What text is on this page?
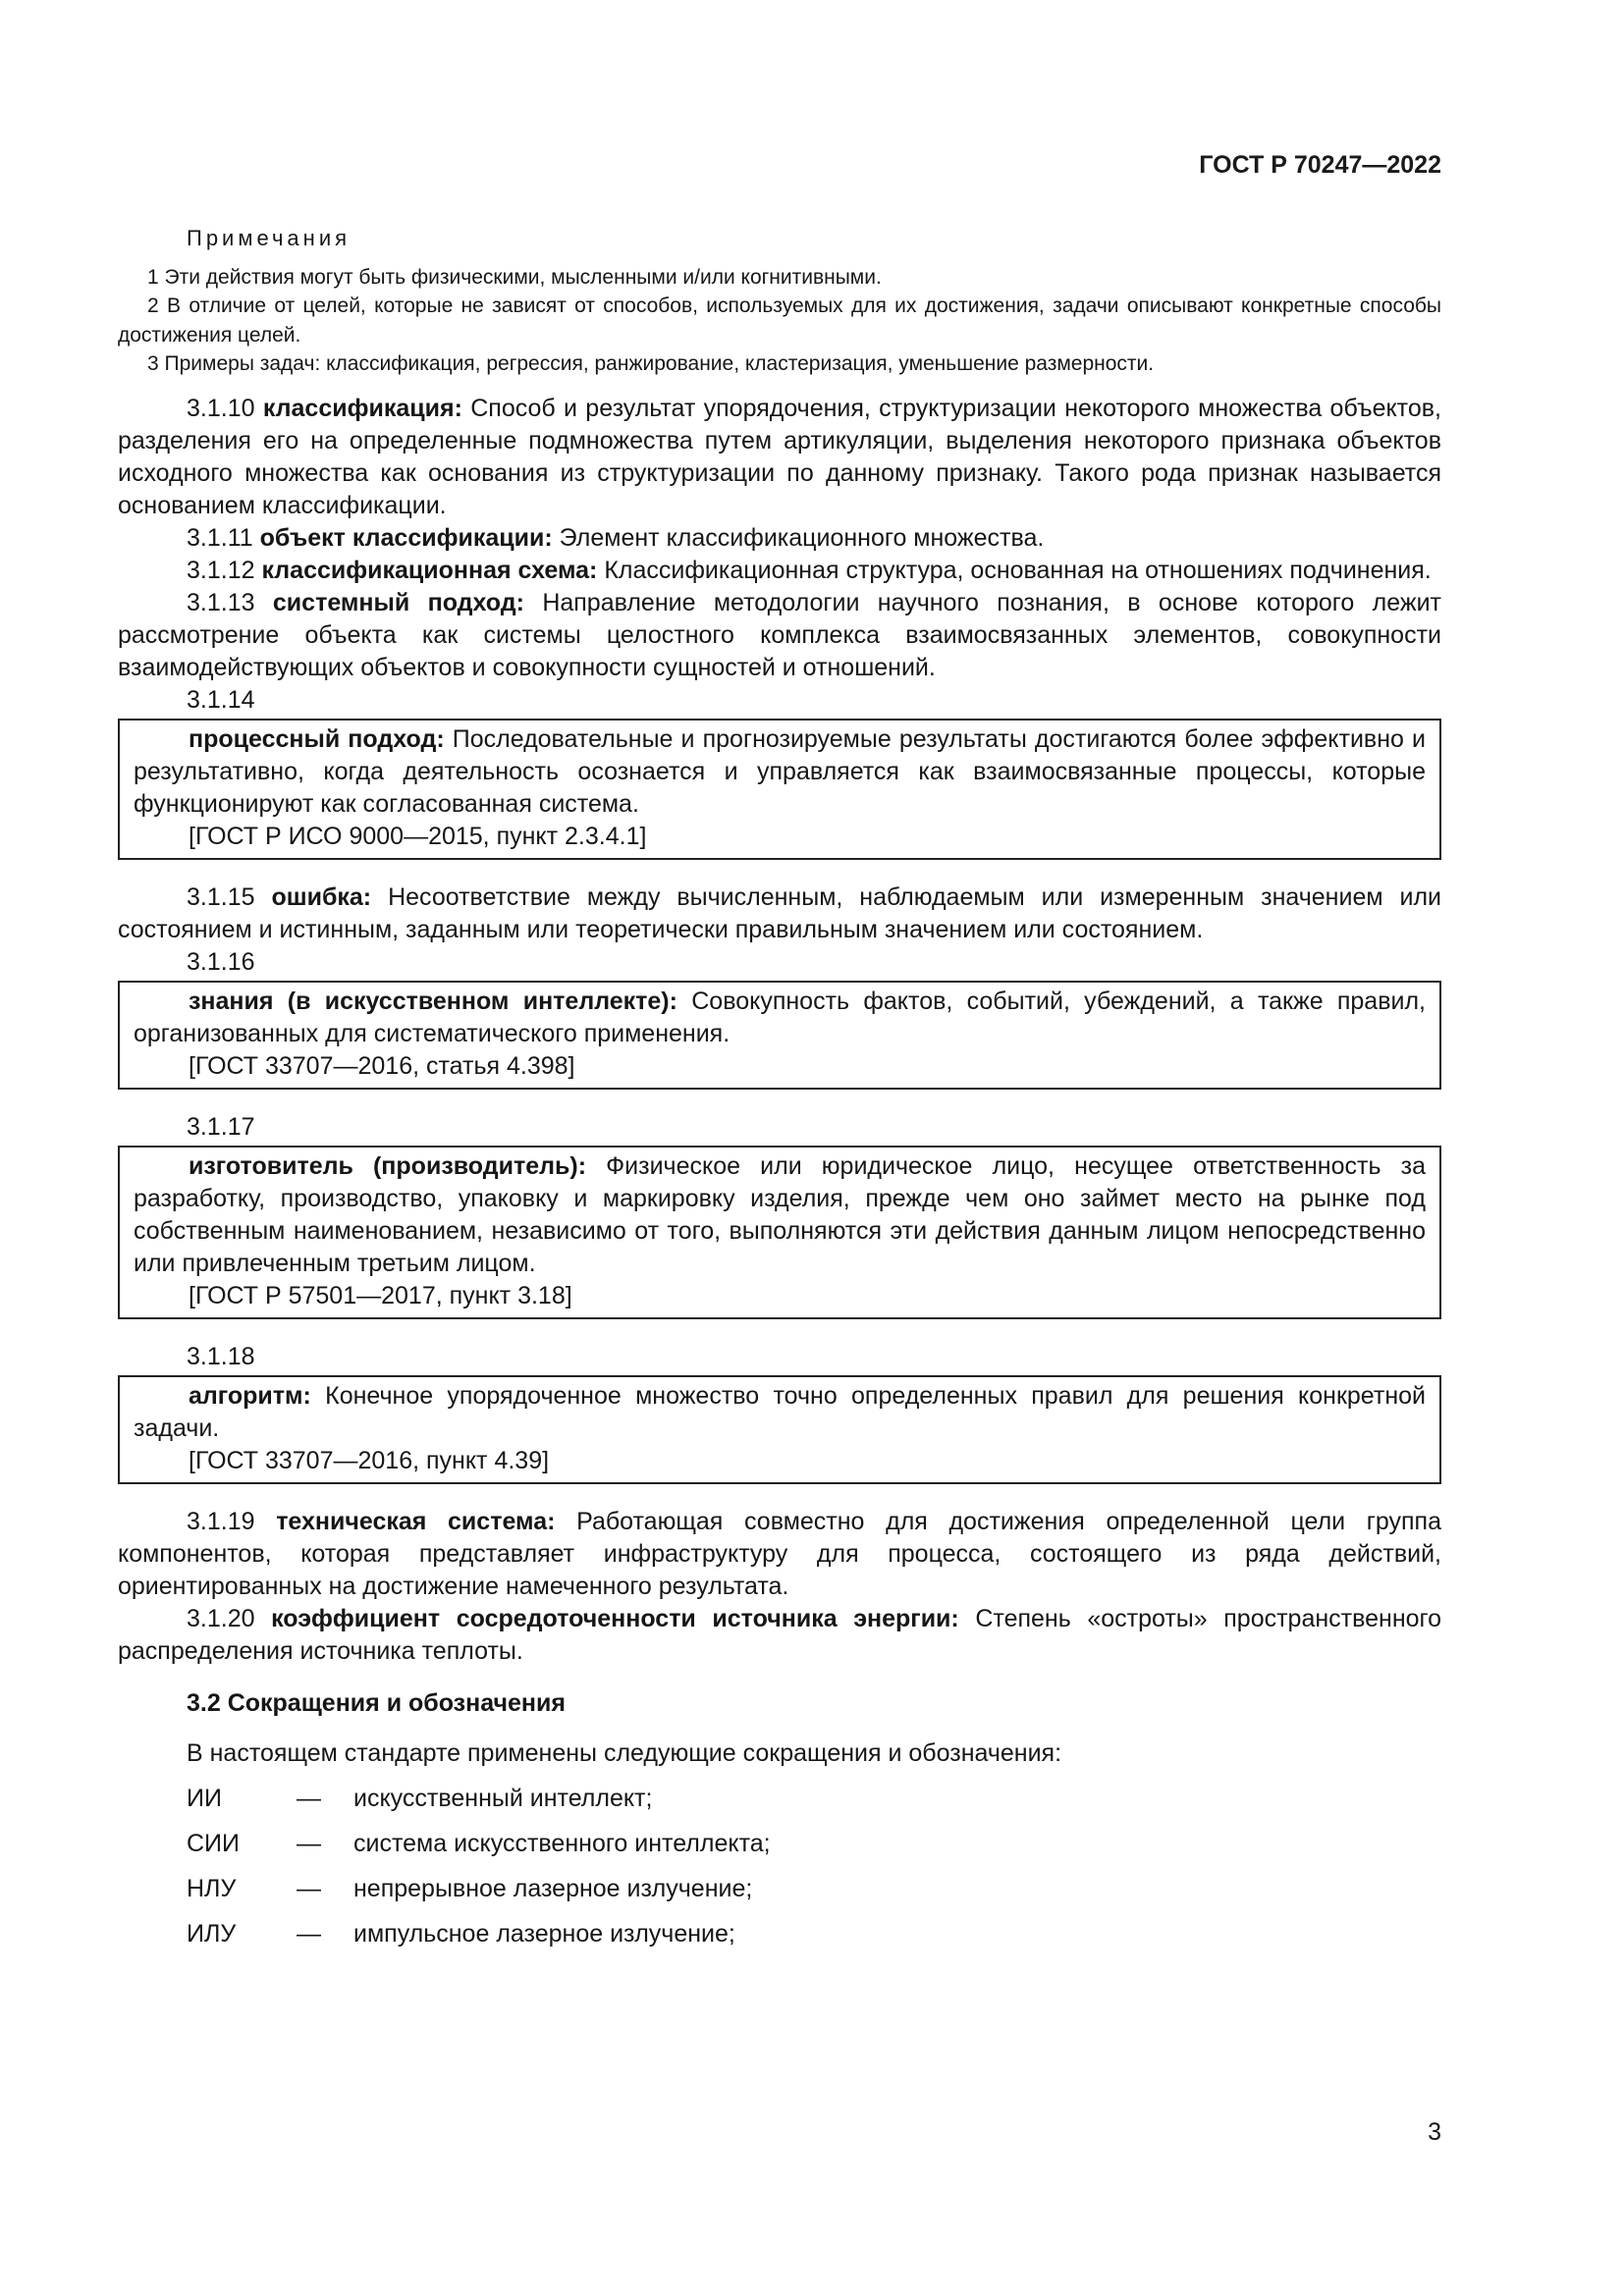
ГОСТ Р 70247—2022
Примечания

1 Эти действия могут быть физическими, мысленными и/или когнитивными.

2 В отличие от целей, которые не зависят от способов, используемых для их достижения, задачи описывают конкретные способы достижения целей.

3 Примеры задач: классификация, регрессия, ранжирование, кластеризация, уменьшение размерности.

3.1.10 классификация: Способ и результат упорядочения, структуризации некоторого множества объектов, разделения его на определенные подмножества путем артикуляции, выделения некоторого признака объектов исходного множества как основания из структуризации по данному признаку. Такого рода признак называется основанием классификации.

3.1.11 объект классификации: Элемент классификационного множества.

3.1.12 классификационная схема: Классификационная структура, основанная на отношениях подчинения.

3.1.13 системный подход: Направление методологии научного познания, в основе которого лежит рассмотрение объекта как системы целостного комплекса взаимосвязанных элементов, совокупности взаимодействующих объектов и совокупности сущностей и отношений.

3.1.14

процессный подход: Последовательные и прогнозируемые результаты достигаются более эффективно и результативно, когда деятельность осознается и управляется как взаимосвязанные процессы, которые функционируют как согласованная система.

[ГОСТ Р ИСО 9000—2015, пункт 2.3.4.1]

3.1.15 ошибка: Несоответствие между вычисленным, наблюдаемым или измеренным значением или состоянием и истинным, заданным или теоретически правильным значением или состоянием.

3.1.16

знания (в искусственном интеллекте): Совокупность фактов, событий, убеждений, а также правил, организованных для систематического применения.

[ГОСТ 33707—2016, статья 4.398]

3.1.17

изготовитель (производитель): Физическое или юридическое лицо, несущее ответственность за разработку, производство, упаковку и маркировку изделия, прежде чем оно займет место на рынке под собственным наименованием, независимо от того, выполняются эти действия данным лицом непосредственно или привлеченным третьим лицом.

[ГОСТ Р 57501—2017, пункт 3.18]

3.1.18

алгоритм: Конечное упорядоченное множество точно определенных правил для решения конкретной задачи.

[ГОСТ 33707—2016, пункт 4.39]

3.1.19 техническая система: Работающая совместно для достижения определенной цели группа компонентов, которая представляет инфраструктуру для процесса, состоящего из ряда действий, ориентированных на достижение намеченного результата.

3.1.20 коэффициент сосредоточенности источника энергии: Степень «остроты» пространственного распределения источника теплоты.

3.2 Сокращения и обозначения

В настоящем стандарте применены следующие сокращения и обозначения:

ИИ	—	искусственный интеллект;
СИИ	—	система искусственного интеллекта;
НЛУ	—	непрерывное лазерное излучение;
ИЛУ	—	импульсное лазерное излучение;
3
